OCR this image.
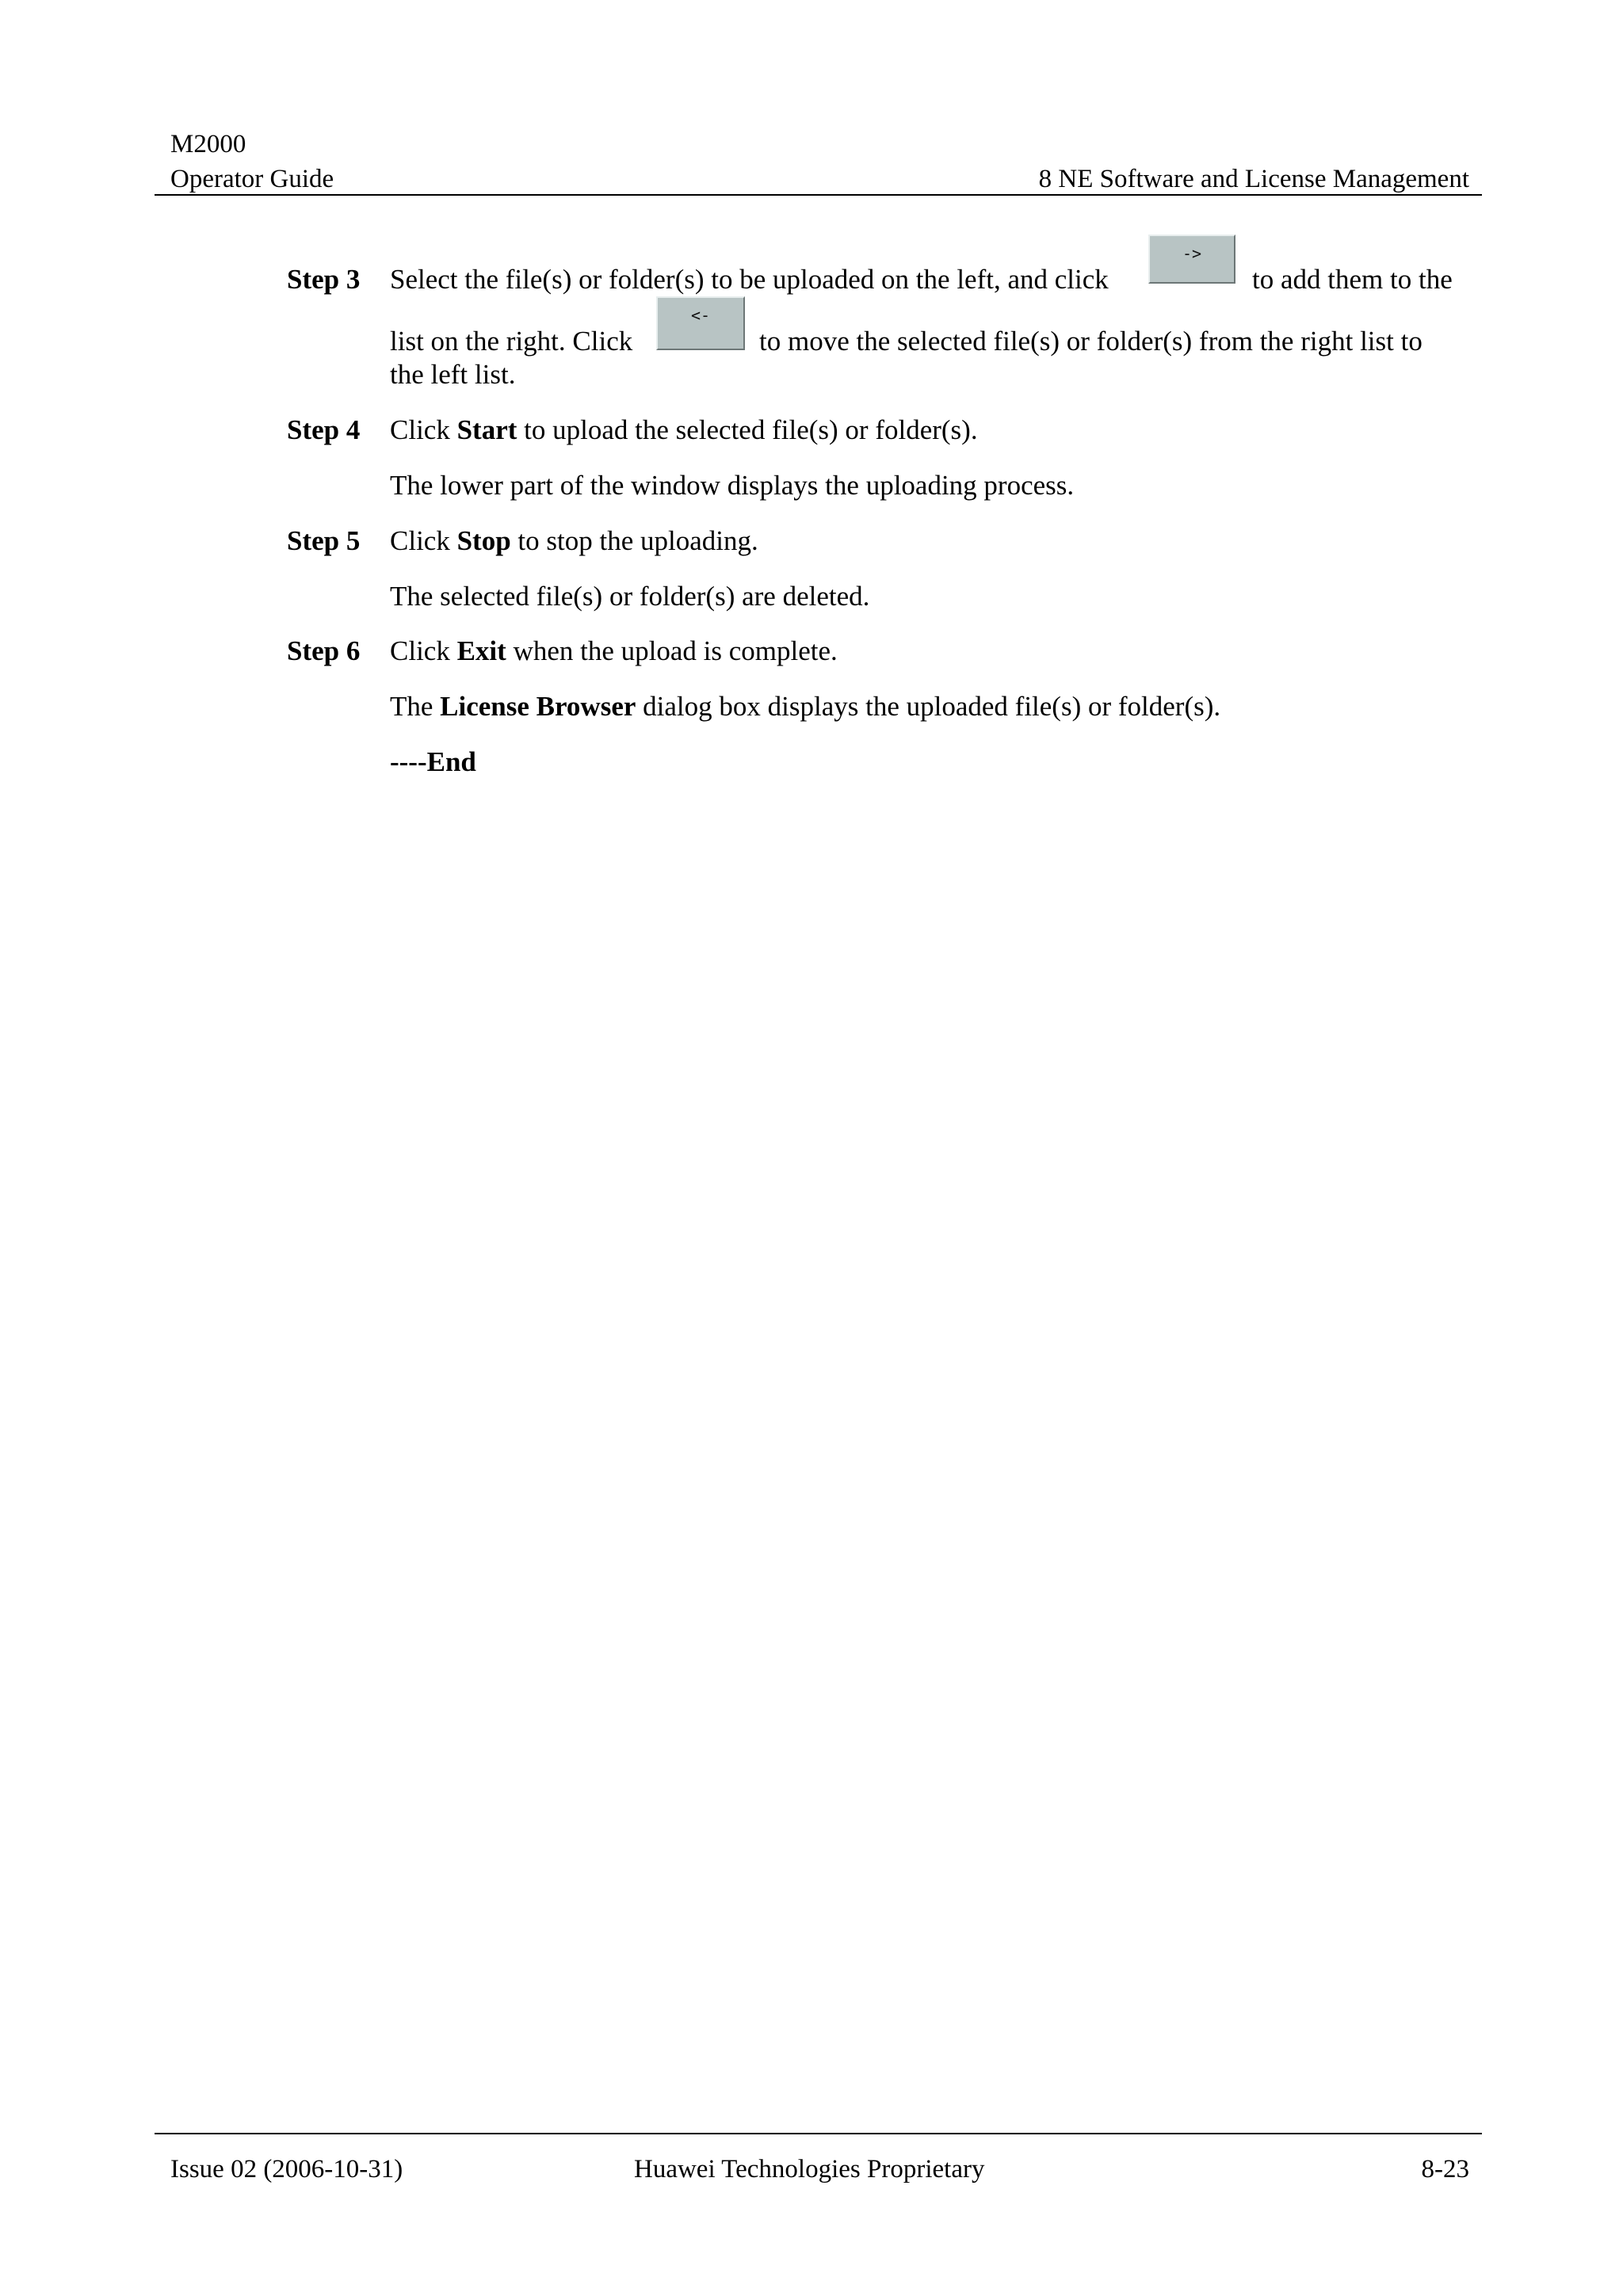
M2000
Operator Guide	8 NE Software and License Management
Step 3 Select the file(s) or folder(s) to be uploaded on the left, and click
->
to add them to the
list on the right. Click
<-
to move the selected file(s) or folder(s) from the right list to
the left list.
Step 4 Click Start to upload the selected file(s) or folder(s).
The lower part of the window displays the uploading process.
Step 5 Click Stop to stop the uploading.
The selected file(s) or folder(s) are deleted.
Step 6 Click Exit when the upload is complete.
The License Browser dialog box displays the uploaded file(s) or folder(s).
----End
Issue 02 (2006-10-31)	Huawei Technologies Proprietary	8-23
